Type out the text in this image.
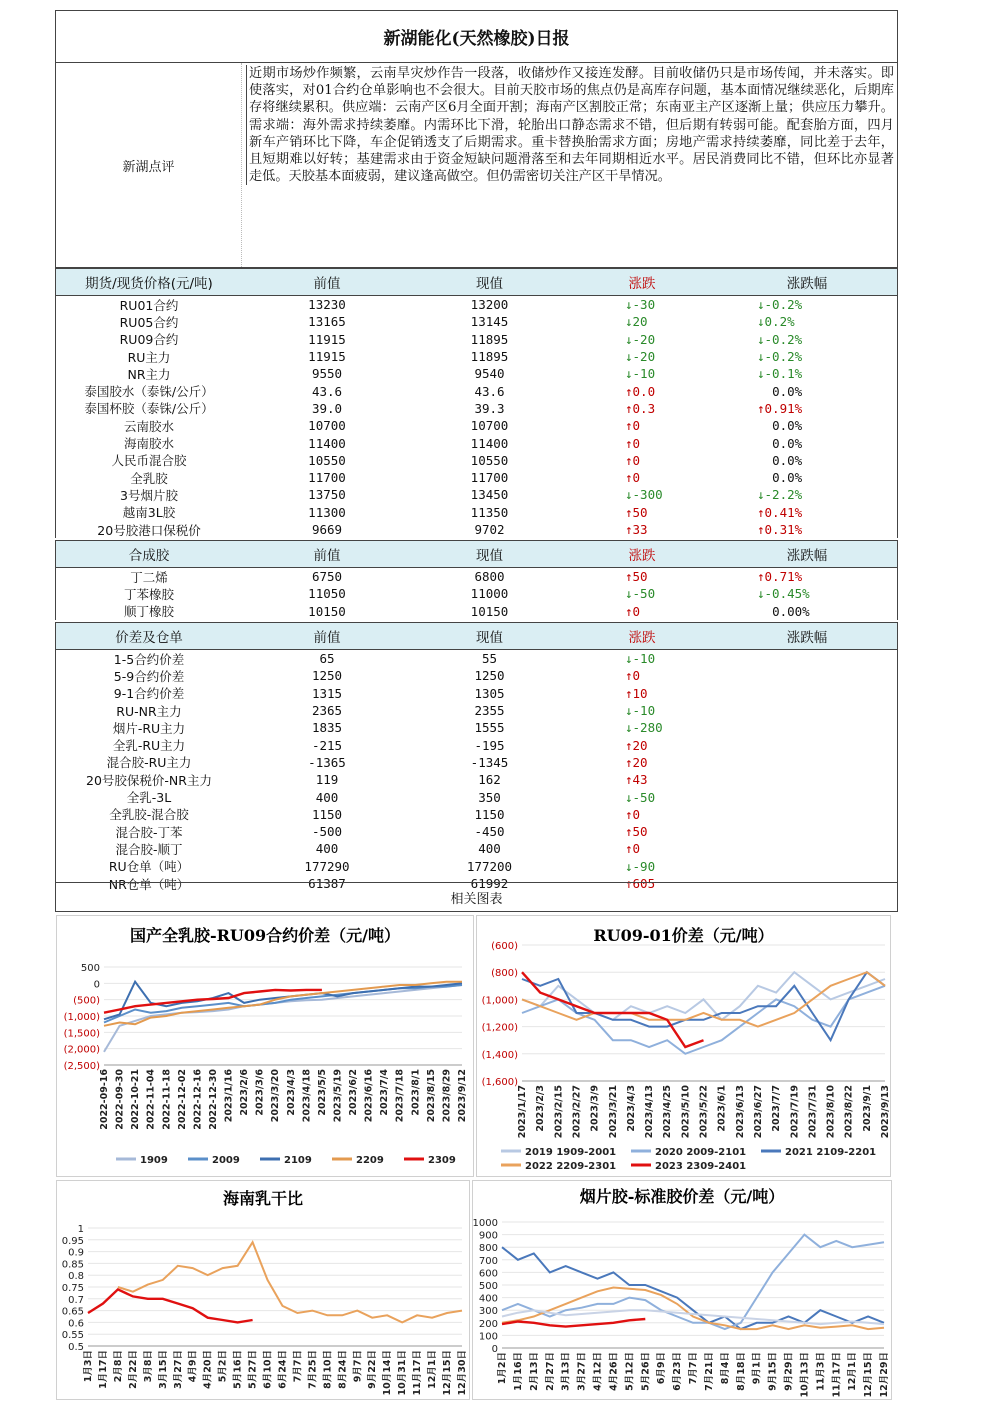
新湖能化(天然橡胶)日报
新湖点评
近期市场炒作频繁，云南旱灾炒作告一段落，收储炒作又接连发酵。目前收储仍只是市场传闻，并未落实。即使落实，对01合约仓单影响也不会很大。目前天胶市场的焦点仍是高库存问题，基本面情况继续恶化，后期库存将继续累积。供应端：云南产区6月全面开割；海南产区割胶正常；东南亚主产区逐渐上量；供应压力攀升。需求端：海外需求持续萎靡。内需环比下滑，轮胎出口静态需求不错，但后期有转弱可能。配套胎方面，四月新车产销环比下降，车企促销透支了后期需求。重卡替换胎需求方面；房地产需求持续萎靡，同比差于去年，且短期难以好转；基建需求由于资金短缺问题滑落至和去年同期相近水平。居民消费同比不错，但环比亦显著走低。天胶基本面疲弱，建议逢高做空。但仍需密切关注产区干旱情况。
期货/现货价格(元/吨)	前值	现值	涨跌	涨跌幅
RU01合约	13230	13200	↓-30	↓-0.2%
RU05合约	13165	13145	↓20	↓0.2%
RU09合约	11915	11895	↓-20	↓-0.2%
RU主力	11915	11895	↓-20	↓-0.2%
NR主力	9550	9540	↓-10	↓-0.1%
泰国胶水（泰铢/公斤）	43.6	43.6	↑0.0	0.0%
泰国杯胶（泰铢/公斤）	39.0	39.3	↑0.3	↑0.91%
云南胶水	10700	10700	↑0	0.0%
海南胶水	11400	11400	↑0	0.0%
人民币混合胶	10550	10550	↑0	0.0%
全乳胶	11700	11700	↑0	0.0%
3号烟片胶	13750	13450	↓-300	↓-2.2%
越南3L胶	11300	11350	↑50	↑0.41%
20号胶港口保税价	9669	9702	↑33	↑0.31%
合成胶	前值	现值	涨跌	涨跌幅
丁二烯	6750	6800	↑50	↑0.71%
丁苯橡胶	11050	11000	↓-50	↓-0.45%
顺丁橡胶	10150	10150	↑0	0.00%
价差及仓单	前值	现值	涨跌	涨跌幅
1-5合约价差	65	55	↓-10
5-9合约价差	1250	1250	↑0
9-1合约价差	1315	1305	↑10
RU-NR主力	2365	2355	↓-10
烟片-RU主力	1835	1555	↓-280
全乳-RU主力	-215	-195	↑20
混合胶-RU主力	-1365	-1345	↑20
20号胶保税价-NR主力	119	162	↑43
全乳-3L	400	350	↓-50
全乳胶-混合胶	1150	1150	↑0
混合胶-丁苯	-500	-450	↑50
混合胶-顺丁	400	400	↑0
RU仓单（吨）	177290	177200	↓-90
NR仓单（吨）	61387	61992	↑605
相关图表
国产全乳胶-RU09合约价差（元/吨）
500
0
(500)
(1,000)
(1,500)
(2,000)
(2,500)
2022-09-16 2022-09-30 2022-10-21 2022-11-04 2022-11-18 2022-12-02 2022-12-16 2022-12-30 2023/1/16 2023/2/6 2023/3/6 2023/3/20 2023/4/3 2023/4/18 2023/5/5 2023/5/19 2023/6/2 2023/6/16 2023/7/4 2023/7/18 2023/8/1 2023/8/15 2023/8/29 2023/9/12
1909	2009	2109	2209	2309
RU09-01价差（元/吨）
(600)
(800)
(1,000)
(1,200)
(1,400)
(1,600)
2023/1/17 2023/2/3 2023/2/15 2023/2/27 2023/3/9 2023/3/21 2023/4/3 2023/4/13 2023/4/25 2023/5/10 2023/5/22 2023/6/1 2023/6/13 2023/6/27 2023/7/7 2023/7/19 2023/7/31 2023/8/10 2023/8/22 2023/9/1 2023/9/13
2019 1909-2001	2020 2009-2101	2021 2109-2201
2022 2209-2301	2023 2309-2401
海南乳干比
1
0.95
0.9
0.85
0.8
0.75
0.7
0.65
0.6
0.55
0.5
1月3日 1月17日 2月8日 2月22日 3月8日 3月15日 3月27日 4月9日 4月20日 5月2日 5月16日 5月27日 6月10日 6月24日 7月7日 7月25日 8月10日 8月24日 9月7日 9月22日 10月14日 10月31日 11月17日 12月1日 12月15日 12月30日
烟片胶-标准胶价差（元/吨）
1000
900
800
700
600
500
400
300
200
100
0
1月2日 1月16日 2月13日 2月27日 3月13日 3月27日 4月12日 4月26日 5月12日 5月26日 6月9日 6月23日 7月7日 7月21日 8月4日 8月18日 9月1日 9月15日 9月29日 10月13日 11月3日 11月17日 12月1日 12月15日 12月29日
